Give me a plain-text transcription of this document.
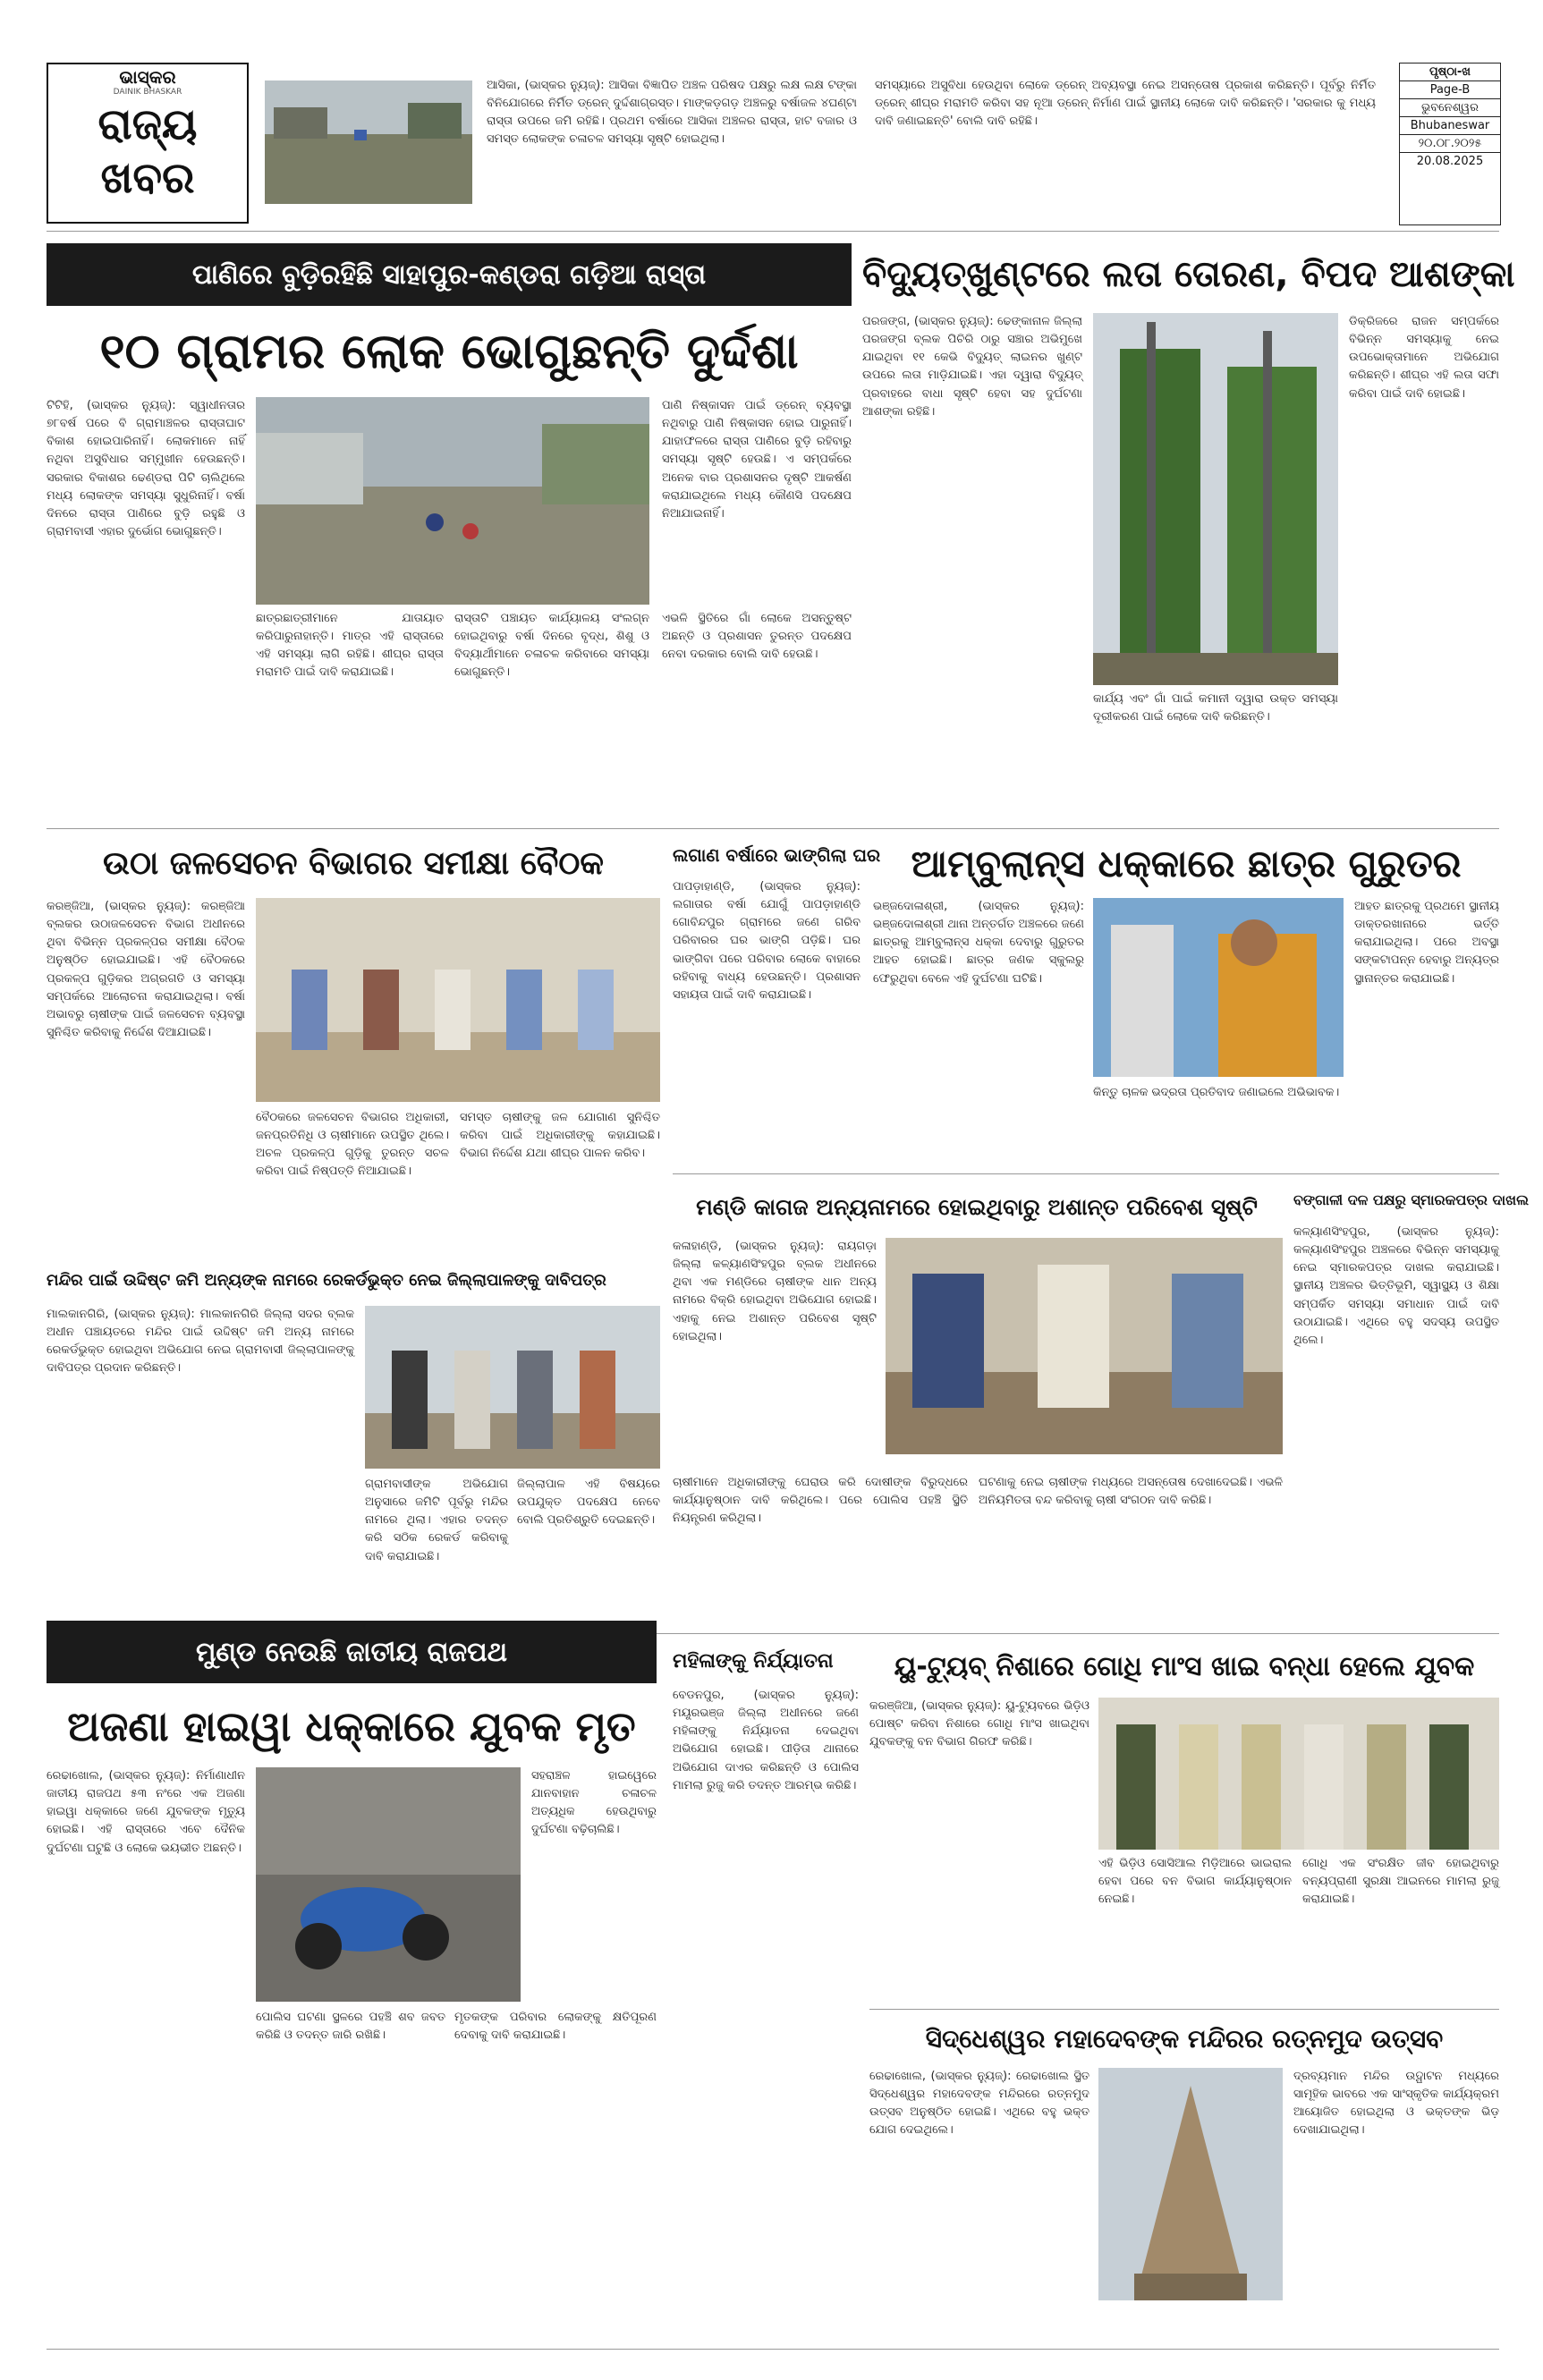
ଭାସ୍କର
DAINIK BHASKAR
ରାଜ୍ୟ
ଖବର
ଆସିକା, (ଭାସ୍କର ନ୍ୟୁଜ୍): ଆସିକା ବିଜ୍ଞାପିତ ଅଞ୍ଚଳ ପରିଷଦ ପକ୍ଷରୁ ଲକ୍ଷ ଲକ୍ଷ ଟଙ୍କା ବିନିଯୋଗରେ ନିର୍ମିତ ଡ୍ରେନ୍ ଦୁର୍ଦ୍ଦଶାଗ୍ରସ୍ତ। ମାଙ୍କଡ଼ଗଡ଼ ଅଞ୍ଚଳରୁ ବର୍ଷାଜଳ ୪ଘଣ୍ଟା ରାସ୍ତା ଉପରେ ଜମି ରହିଛି। ପ୍ରଥମ ବର୍ଷାରେ ଆସିକା ଅଞ୍ଚଳର ରାସ୍ତା, ହାଟ ବଜାର ଓ ସମସ୍ତ ଲୋକଙ୍କ ଚଳାଚଳ ସମସ୍ୟା ସୃଷ୍ଟି ହୋଇଥିଲା।
ସମସ୍ୟାରେ ଅସୁବିଧା ହେଉଥିବା ଲୋକେ ଡ୍ରେନ୍ ଅବ୍ୟବସ୍ଥା ନେଇ ଅସନ୍ତୋଷ ପ୍ରକାଶ କରିଛନ୍ତି। ପୂର୍ବରୁ ନିର୍ମିତ ଡ୍ରେନ୍ ଶୀଘ୍ର ମରାମତି କରିବା ସହ ନୂଆ ଡ୍ରେନ୍ ନିର୍ମାଣ ପାଇଁ ସ୍ଥାନୀୟ ଲୋକେ ଦାବି କରିଛନ୍ତି। 'ସରକାର କୁ ମଧ୍ୟ ଦାବି ଜଣାଇଛନ୍ତି' ବୋଲି ଦାବି ରହିଛି।
ପୃଷ୍ଠା-ଖ
Page-B
ଭୁବନେଶ୍ୱର
Bhubaneswar
୨୦.୦୮.୨୦୨୫
20.08.2025
ପାଣିରେ ବୁଡ଼ିରହିଛି ସାହାପୁର-କଣ୍ଡରା ଗଡ଼ିଆ ରାସ୍ତା
୧୦ ଗ୍ରାମର ଲୋକ ଭୋଗୁଛନ୍ତି ଦୁର୍ଦ୍ଦଶା
ଟିଟିହି, (ଭାସ୍କର ନ୍ୟୁଜ୍): ସ୍ୱାଧୀନତାର ୭୮ବର୍ଷ ପରେ ବି ଗ୍ରାମାଞ୍ଚଳର ରାସ୍ତାଘାଟ ବିକାଶ ହୋଇପାରିନାହିଁ। ଲୋକମାନେ ନାହିଁ ନଥିବା ଅସୁବିଧାର ସମ୍ମୁଖୀନ ହେଉଛନ୍ତି। ସରକାର ବିକାଶର ଢେଣ୍ଡରା ପିଟି ଚାଲିଥିଲେ ମଧ୍ୟ ଲୋକଙ୍କ ସମସ୍ୟା ସୁଧୁରିନାହିଁ। ବର୍ଷା ଦିନରେ ରାସ୍ତା ପାଣିରେ ବୁଡ଼ି ରହୁଛି ଓ ଗ୍ରାମବାସୀ ଏହାର ଦୁର୍ଭୋଗ ଭୋଗୁଛନ୍ତି।
ପାଣି ନିଷ୍କାସନ ପାଇଁ ଡ୍ରେନ୍ ବ୍ୟବସ୍ଥା ନଥିବାରୁ ପାଣି ନିଷ୍କାସନ ହୋଇ ପାରୁନାହିଁ। ଯାହାଫଳରେ ରାସ୍ତା ପାଣିରେ ବୁଡ଼ି ରହିବାରୁ ସମସ୍ୟା ସୃଷ୍ଟି ହେଉଛି। ଏ ସମ୍ପର୍କରେ ଅନେକ ବାର ପ୍ରଶାସନର ଦୃଷ୍ଟି ଆକର୍ଷଣ କରାଯାଇଥିଲେ ମଧ୍ୟ କୌଣସି ପଦକ୍ଷେପ ନିଆଯାଇନାହିଁ।
ଛାତ୍ରଛାତ୍ରୀମାନେ ଯାତାୟାତ କରିପାରୁନାହାନ୍ତି। ମାତ୍ର ଏହି ରାସ୍ତାରେ ଏହି ସମସ୍ୟା ଲାଗି ରହିଛି। ଶୀଘ୍ର ରାସ୍ତା ମରାମତି ପାଇଁ ଦାବି କରାଯାଇଛି।
ରାସ୍ତାଟି ପଞ୍ଚାୟତ କାର୍ଯ୍ୟାଳୟ ସଂଲଗ୍ନ ହୋଇଥିବାରୁ ବର୍ଷା ଦିନରେ ବୃଦ୍ଧ, ଶିଶୁ ଓ ବିଦ୍ୟାର୍ଥୀମାନେ ଚଳାଚଳ କରିବାରେ ସମସ୍ୟା ଭୋଗୁଛନ୍ତି।
ଏଭଳି ସ୍ଥିତିରେ ଗାଁ ଲୋକେ ଅସନ୍ତୁଷ୍ଟ ଅଛନ୍ତି ଓ ପ୍ରଶାସନ ତୁରନ୍ତ ପଦକ୍ଷେପ ନେବା ଦରକାର ବୋଲି ଦାବି ହେଉଛି।
ବିଦ୍ୟୁତ୍‌ଖୁଣ୍ଟରେ ଲତା ତୋରଣ, ବିପଦ ଆଶଙ୍କା
ପରଜଙ୍ଗ, (ଭାସ୍କର ନ୍ୟୁଜ୍): ଢେଙ୍କାନାଳ ଜିଲ୍ଲା ପରଜଙ୍ଗ ବ୍ଲକ ପିଚିରି ଠାରୁ ସଞ୍ଚାର ଅଭିମୁଖେ ଯାଇଥିବା ୧୧ କେଭି ବିଦ୍ୟୁତ୍ ଲାଇନର ଖୁଣ୍ଟ ଉପରେ ଲତା ମାଡ଼ିଯାଇଛି। ଏହା ଦ୍ୱାରା ବିଦ୍ୟୁତ୍ ପ୍ରବାହରେ ବାଧା ସୃଷ୍ଟି ହେବା ସହ ଦୁର୍ଘଟଣା ଆଶଙ୍କା ରହିଛି।
କାର୍ଯ୍ୟ ଏବଂ ଗାଁ ପାଇଁ କମାନୀ ଦ୍ୱାରା ଉକ୍ତ ସମସ୍ୟା ଦୂରୀକରଣ ପାଇଁ ଲୋକେ ଦାବି କରିଛନ୍ତି।
ଡିକ୍ରିଜରେ ରାଜନ ସମ୍ପର୍କରେ ବିଭିନ୍ନ ସମସ୍ୟାକୁ ନେଇ ଉପଭୋକ୍ତାମାନେ ଅଭିଯୋଗ କରିଛନ୍ତି। ଶୀଘ୍ର ଏହି ଲତା ସଫା କରିବା ପାଇଁ ଦାବି ହୋଇଛି।
ଉଠା ଜଳସେଚନ ବିଭାଗର ସମୀକ୍ଷା ବୈଠକ
କରଞ୍ଜିଆ, (ଭାସ୍କର ନ୍ୟୁଜ୍): କରଞ୍ଜିଆ ବ୍ଲକର ଉଠାଜଳସେଚନ ବିଭାଗ ଅଧୀନରେ ଥିବା ବିଭିନ୍ନ ପ୍ରକଳ୍ପର ସମୀକ୍ଷା ବୈଠକ ଅନୁଷ୍ଠିତ ହୋଇଯାଇଛି। ଏହି ବୈଠକରେ ପ୍ରକଳ୍ପ ଗୁଡ଼ିକର ଅଗ୍ରଗତି ଓ ସମସ୍ୟା ସମ୍ପର୍କରେ ଆଲୋଚନା କରାଯାଇଥିଲା। ବର୍ଷା ଅଭାବରୁ ଚାଷୀଙ୍କ ପାଇଁ ଜଳସେଚନ ବ୍ୟବସ୍ଥା ସୁନିଶ୍ଚିତ କରିବାକୁ ନିର୍ଦ୍ଦେଶ ଦିଆଯାଇଛି।
ବୈଠକରେ ଜଳସେଚନ ବିଭାଗର ଅଧିକାରୀ, ଜନପ୍ରତିନିଧି ଓ ଚାଷୀମାନେ ଉପସ୍ଥିତ ଥିଲେ। ଅଚଳ ପ୍ରକଳ୍ପ ଗୁଡ଼ିକୁ ତୁରନ୍ତ ସଚଳ କରିବା ପାଇଁ ନିଷ୍ପତ୍ତି ନିଆଯାଇଛି।
ସମସ୍ତ ଚାଷୀଙ୍କୁ ଜଳ ଯୋଗାଣ ସୁନିଶ୍ଚିତ କରିବା ପାଇଁ ଅଧିକାରୀଙ୍କୁ କହାଯାଇଛି। ବିଭାଗ ନିର୍ଦ୍ଦେଶ ଯଥା ଶୀଘ୍ର ପାଳନ କରିବ।
ଲଗାଣ ବର୍ଷାରେ ଭାଙ୍ଗିଲା ଘର
ପାପଡ଼ାହାଣ୍ଡି, (ଭାସ୍କର ନ୍ୟୁଜ୍): ଲଗାତାର ବର୍ଷା ଯୋଗୁଁ ପାପଡ଼ାହାଣ୍ଡି ଗୋବିନ୍ଦପୁର ଗ୍ରାମରେ ଜଣେ ଗରିବ ପରିବାରର ଘର ଭାଙ୍ଗି ପଡ଼ିଛି। ଘର ଭାଙ୍ଗିବା ପରେ ପରିବାର ଲୋକେ ବାହାରେ ରହିବାକୁ ବାଧ୍ୟ ହେଉଛନ୍ତି। ପ୍ରଶାସନ ସହାୟତା ପାଇଁ ଦାବି କରାଯାଇଛି।
ଆମ୍ବୁଲାନ୍ସ ଧକ୍କାରେ ଛାତ୍ର ଗୁରୁତର
ଭଞ୍ଜଦୋଳାଶ୍ରୀ, (ଭାସ୍କର ନ୍ୟୁଜ୍): ଭଞ୍ଜଦୋଳାଶ୍ରୀ ଥାନା ଅନ୍ତର୍ଗତ ଅଞ୍ଚଳରେ ଜଣେ ଛାତ୍ରକୁ ଆମ୍ବୁଲାନ୍ସ ଧକ୍କା ଦେବାରୁ ଗୁରୁତର ଆହତ ହୋଇଛି। ଛାତ୍ର ଜଣକ ସ୍କୁଲରୁ ଫେରୁଥିବା ବେଳେ ଏହି ଦୁର୍ଘଟଣା ଘଟିଛି।
କିନ୍ତୁ ଚାଳକ ଭଦ୍ରତା ପ୍ରତିବାଦ ଜଣାଇଲେ ଅଭିଭାବକ।
ଆହତ ଛାତ୍ରକୁ ପ୍ରଥମେ ସ୍ଥାନୀୟ ଡାକ୍ତରଖାନାରେ ଭର୍ତ୍ତି କରାଯାଇଥିଲା। ପରେ ଅବସ୍ଥା ସଙ୍କଟାପନ୍ନ ହେବାରୁ ଅନ୍ୟତ୍ର ସ୍ଥାନାନ୍ତର କରାଯାଇଛି।
ମଣ୍ଡି କାଗଜ ଅନ୍ୟନାମରେ ହୋଇଥିବାରୁ ଅଶାନ୍ତ ପରିବେଶ ସୃଷ୍ଟି
କଳାହାଣ୍ଡି, (ଭାସ୍କର ନ୍ୟୁଜ୍): ରାୟଗଡ଼ା ଜିଲ୍ଲା କଳ୍ୟାଣସିଂହପୁର ବ୍ଲକ ଅଧୀନରେ ଥିବା ଏକ ମଣ୍ଡିରେ ଚାଷୀଙ୍କ ଧାନ ଅନ୍ୟ ନାମରେ ବିକ୍ରି ହୋଇଥିବା ଅଭିଯୋଗ ହୋଇଛି। ଏହାକୁ ନେଇ ଅଶାନ୍ତ ପରିବେଶ ସୃଷ୍ଟି ହୋଇଥିଲା।
ଚାଷୀମାନେ ଅଧିକାରୀଙ୍କୁ ଘେରାଉ କରି ଦୋଷୀଙ୍କ ବିରୁଦ୍ଧରେ କାର୍ଯ୍ୟାନୁଷ୍ଠାନ ଦାବି କରିଥିଲେ। ପରେ ପୋଲିସ ପହଞ୍ଚି ସ୍ଥିତି ନିୟନ୍ତ୍ରଣ କରିଥିଲା।
ଘଟଣାକୁ ନେଇ ଚାଷୀଙ୍କ ମଧ୍ୟରେ ଅସନ୍ତୋଷ ଦେଖାଦେଇଛି। ଏଭଳି ଅନିୟମିତତା ବନ୍ଦ କରିବାକୁ ଚାଷୀ ସଂଗଠନ ଦାବି କରିଛି।
ବଙ୍ଗାଳୀ ଦଳ ପକ୍ଷରୁ ସ୍ମାରକପତ୍ର ଦାଖଲ
କଳ୍ୟାଣସିଂହପୁର, (ଭାସ୍କର ନ୍ୟୁଜ୍): କଳ୍ୟାଣସିଂହପୁର ଅଞ୍ଚଳରେ ବିଭିନ୍ନ ସମସ୍ୟାକୁ ନେଇ ସ୍ମାରକପତ୍ର ଦାଖଲ କରାଯାଇଛି। ସ୍ଥାନୀୟ ଅଞ୍ଚଳର ଭିତ୍ତିଭୂମି, ସ୍ୱାସ୍ଥ୍ୟ ଓ ଶିକ୍ଷା ସମ୍ପର୍କିତ ସମସ୍ୟା ସମାଧାନ ପାଇଁ ଦାବି ଉଠାଯାଇଛି। ଏଥିରେ ବହୁ ସଦସ୍ୟ ଉପସ୍ଥିତ ଥିଲେ।
ମନ୍ଦିର ପାଇଁ ଉଦ୍ଦିଷ୍ଟ ଜମି ଅନ୍ୟଙ୍କ ନାମରେ ରେକର୍ଡଭୁକ୍ତ ନେଇ ଜିଲ୍ଲାପାଳଙ୍କୁ ଦାବିପତ୍ର
ମାଲକାନଗିରି, (ଭାସ୍କର ନ୍ୟୁଜ୍): ମାଲକାନଗିରି ଜିଲ୍ଲା ସଦର ବ୍ଲକ ଅଧୀନ ପଞ୍ଚାୟତରେ ମନ୍ଦିର ପାଇଁ ଉଦ୍ଦିଷ୍ଟ ଜମି ଅନ୍ୟ ନାମରେ ରେକର୍ଡଭୁକ୍ତ ହୋଇଥିବା ଅଭିଯୋଗ ନେଇ ଗ୍ରାମବାସୀ ଜିଲ୍ଲାପାଳଙ୍କୁ ଦାବିପତ୍ର ପ୍ରଦାନ କରିଛନ୍ତି।
ଗ୍ରାମବାସୀଙ୍କ ଅଭିଯୋଗ ଅନୁସାରେ ଜମିଟି ପୂର୍ବରୁ ମନ୍ଦିର ନାମରେ ଥିଲା। ଏହାର ତଦନ୍ତ କରି ସଠିକ ରେକର୍ଡ କରିବାକୁ ଦାବି କରାଯାଇଛି।
ଜିଲ୍ଲାପାଳ ଏହି ବିଷୟରେ ଉପଯୁକ୍ତ ପଦକ୍ଷେପ ନେବେ ବୋଲି ପ୍ରତିଶ୍ରୁତି ଦେଇଛନ୍ତି।
ମୁଣ୍ଡ ନେଉଛି ଜାତୀୟ ରାଜପଥ
ଅଜଣା ହାଇୱା ଧକ୍କାରେ ଯୁବକ ମୃତ
ରେଢାଖୋଲ, (ଭାସ୍କର ନ୍ୟୁଜ୍): ନିର୍ମାଣାଧୀନ ଜାତୀୟ ରାଜପଥ ୫୩ ନଂରେ ଏକ ଅଜଣା ହାଇୱା ଧକ୍କାରେ ଜଣେ ଯୁବକଙ୍କ ମୃତ୍ୟୁ ହୋଇଛି। ଏହି ରାସ୍ତାରେ ଏବେ ଦୈନିକ ଦୁର୍ଘଟଣା ଘଟୁଛି ଓ ଲୋକେ ଭୟଭୀତ ଅଛନ୍ତି।
ସହରାଞ୍ଚଳ ହାଇୱେରେ ଯାନବାହାନ ଚଳାଚଳ ଅତ୍ୟଧିକ ହେଉଥିବାରୁ ଦୁର୍ଘଟଣା ବଢ଼ିଚାଲିଛି।
ପୋଲିସ ଘଟଣା ସ୍ଥଳରେ ପହଞ୍ଚି ଶବ ଜବତ କରିଛି ଓ ତଦନ୍ତ ଜାରି ରଖିଛି।
ମୃତକଙ୍କ ପରିବାର ଲୋକଙ୍କୁ କ୍ଷତିପୂରଣ ଦେବାକୁ ଦାବି କରାଯାଇଛି।
ମହିଳାଙ୍କୁ ନିର୍ଯ୍ୟାତନା
ବେଡନପୁର, (ଭାସ୍କର ନ୍ୟୁଜ୍): ମୟୂରଭଞ୍ଜ ଜିଲ୍ଲା ଅଧୀନରେ ଜଣେ ମହିଳାଙ୍କୁ ନିର୍ଯ୍ୟାତନା ଦେଇଥିବା ଅଭିଯୋଗ ହୋଇଛି। ପୀଡ଼ିତା ଥାନାରେ ଅଭିଯୋଗ ଦାଏର କରିଛନ୍ତି ଓ ପୋଲିସ ମାମଲା ରୁଜୁ କରି ତଦନ୍ତ ଆରମ୍ଭ କରିଛି।
ୟୁ-ଟ୍ୟୁବ୍ ନିଶାରେ ଗୋଧି ମାଂସ ଖାଇ ବନ୍ଧା ହେଲେ ଯୁବକ
କରଞ୍ଜିଆ, (ଭାସ୍କର ନ୍ୟୁଜ୍): ୟୁ-ଟ୍ୟୁବରେ ଭିଡ଼ିଓ ପୋଷ୍ଟ କରିବା ନିଶାରେ ଗୋଧି ମାଂସ ଖାଇଥିବା ଯୁବକଙ୍କୁ ବନ ବିଭାଗ ଗିରଫ କରିଛି।
ଏହି ଭିଡ଼ିଓ ସୋସିଆଲ ମିଡ଼ିଆରେ ଭାଇରାଲ ହେବା ପରେ ବନ ବିଭାଗ କାର୍ଯ୍ୟାନୁଷ୍ଠାନ ନେଇଛି।
ଗୋଧି ଏକ ସଂରକ୍ଷିତ ଜୀବ ହୋଇଥିବାରୁ ବନ୍ୟପ୍ରାଣୀ ସୁରକ୍ଷା ଆଇନରେ ମାମଲା ରୁଜୁ କରାଯାଇଛି।
ସିଦ୍ଧେଶ୍ୱର ମହାଦେବଙ୍କ ମନ୍ଦିରର ରତ୍ନମୁଦ ଉତ୍ସବ
ରେଢାଖୋଲ, (ଭାସ୍କର ନ୍ୟୁଜ୍): ରେଢାଖୋଲ ସ୍ଥିତ ସିଦ୍ଧେଶ୍ୱର ମହାଦେବଙ୍କ ମନ୍ଦିରରେ ରତ୍ନମୁଦ ଉତ୍ସବ ଅନୁଷ୍ଠିତ ହୋଇଛି। ଏଥିରେ ବହୁ ଭକ୍ତ ଯୋଗ ଦେଇଥିଲେ।
ଦ୍ରବ୍ୟମାନ ମନ୍ଦିର ଉଦ୍ଘାଟନ ମଧ୍ୟରେ ସାମୂହିକ ଭାବରେ ଏକ ସାଂସ୍କୃତିକ କାର୍ଯ୍ୟକ୍ରମ ଆୟୋଜିତ ହୋଇଥିଲା ଓ ଭକ୍ତଙ୍କ ଭିଡ଼ ଦେଖାଯାଇଥିଲା।
